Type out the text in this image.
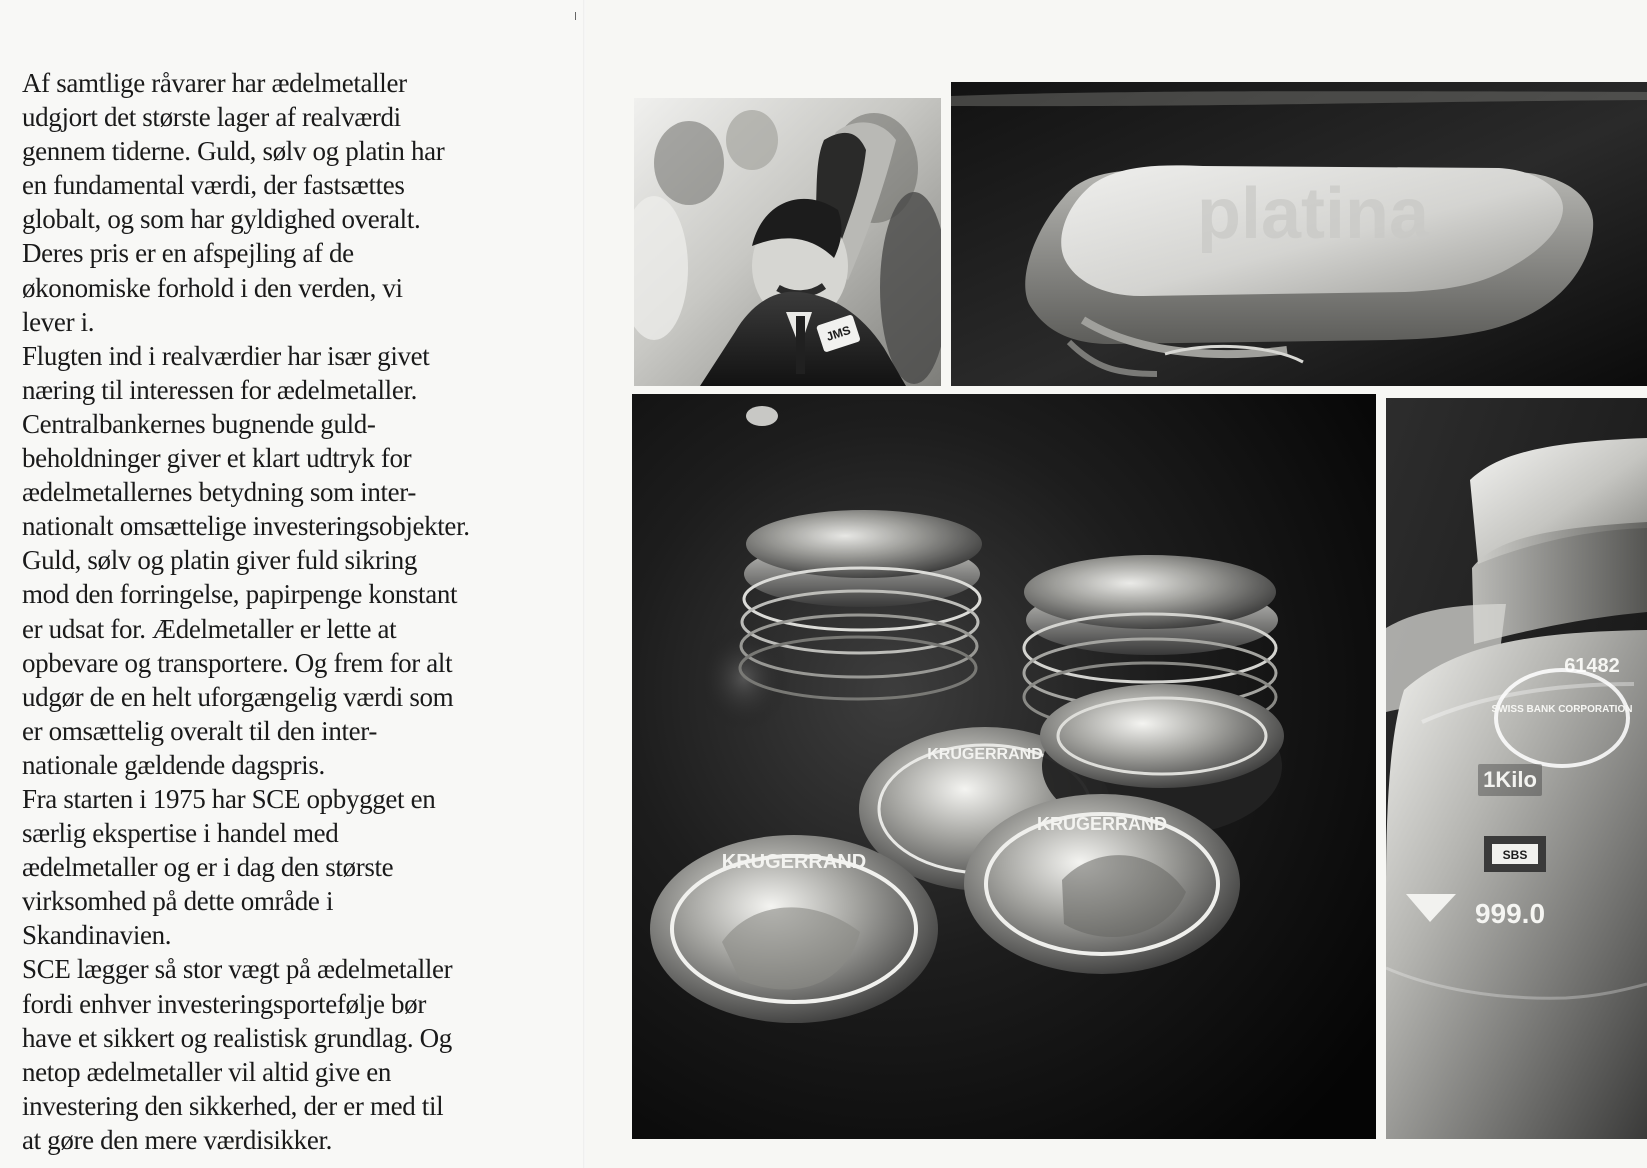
Af samtlige råvarer har ædelmetaller
udgjort det største lager af realværdi
gennem tiderne. Guld, sølv og platin har
en fundamental værdi, der fastsættes
globalt, og som har gyldighed overalt.
Deres pris er en afspejling af de
økonomiske forhold i den verden, vi
lever i.

Flugten ind i realværdier har især givet
næring til interessen for ædelmetaller.
Centralbankernes bugnende guld-
beholdninger giver et klart udtryk for
ædelmetallernes betydning som inter-
nationalt omsættelige investeringsobjekter.
Guld, sølv og platin giver fuld sikring
mod den forringelse, papirpenge konstant
er udsat for. Ædelmetaller er lette at
opbevare og transportere. Og frem for alt
udgør de en helt uforgængelig værdi som
er omsættelig overalt til den inter-
nationale gældende dagspris.

Fra starten i 1975 har SCE opbygget en
særlig ekspertise i handel med
ædelmetaller og er i dag den største
virksomhed på dette område i
Skandinavien.

SCE lægger så stor vægt på ædelmetaller
fordi enhver investeringsportefølje bør
have et sikkert og realistisk grundlag. Og
netop ædelmetaller vil altid give en
investering den sikkerhed, der er med til
at gøre den mere værdisikker.

JMS
platina
KRUGERRAND
KRUGERRAND
KRUGERRAND
61482
SWISS BANK CORPORATION
1Kilo
SBS
999.0
